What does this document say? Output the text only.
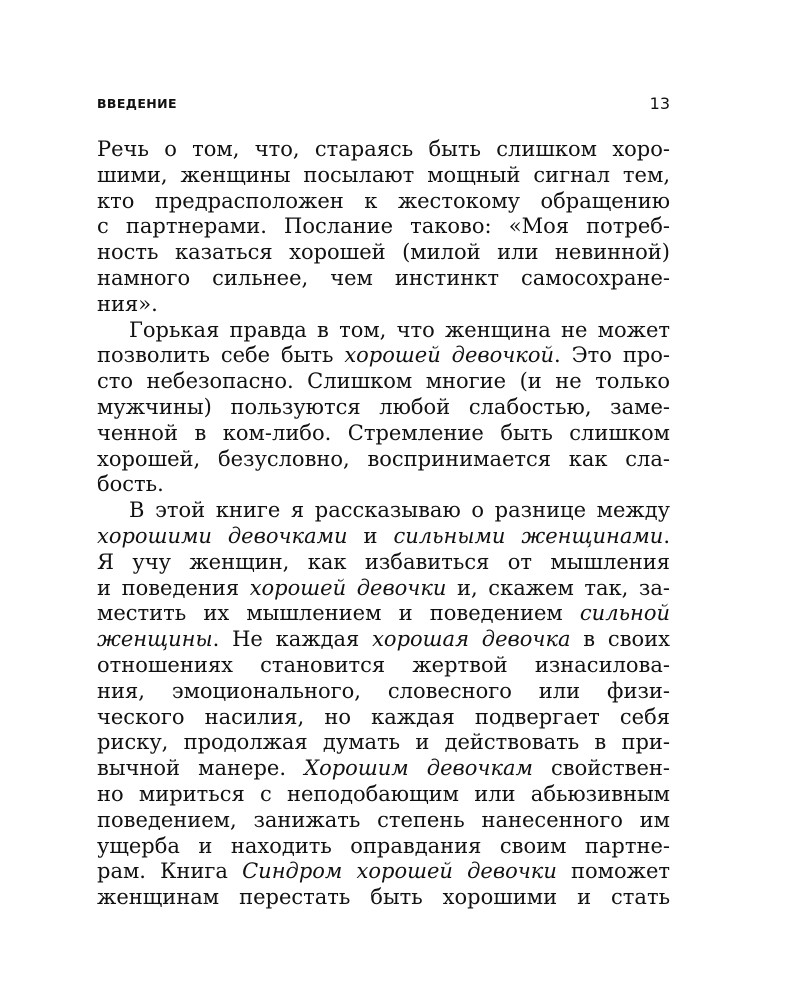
ВВЕДЕНИЕ	13
Речь о том, что, стараясь быть слишком хоро-
шими, женщины посылают мощный сигнал тем,
кто предрасположен к жестокому обращению
с партнерами. Послание таково: «Моя потреб-
ность казаться хорошей (милой или невинной)
намного сильнее, чем инстинкт самосохране-
ния».
Горькая правда в том, что женщина не может
позволить себе быть хорошей девочкой. Это про-
сто небезопасно. Слишком многие (и не только
мужчины) пользуются любой слабостью, заме-
ченной в ком-либо. Стремление быть слишком
хорошей, безусловно, воспринимается как сла-
бость.
В этой книге я рассказываю о разнице между
хорошими девочками и сильными женщинами.
Я учу женщин, как избавиться от мышления
и поведения хорошей девочки и, скажем так, за-
местить их мышлением и поведением сильной
женщины. Не каждая хорошая девочка в своих
отношениях становится жертвой изнасилова-
ния, эмоционального, словесного или физи-
ческого насилия, но каждая подвергает себя
риску, продолжая думать и действовать в при-
вычной манере. Хорошим девочкам свойствен-
но мириться с неподобающим или абьюзивным
поведением, занижать степень нанесенного им
ущерба и находить оправдания своим партне-
рам. Книга Синдром хорошей девочки поможет
женщинам перестать быть хорошими и стать
